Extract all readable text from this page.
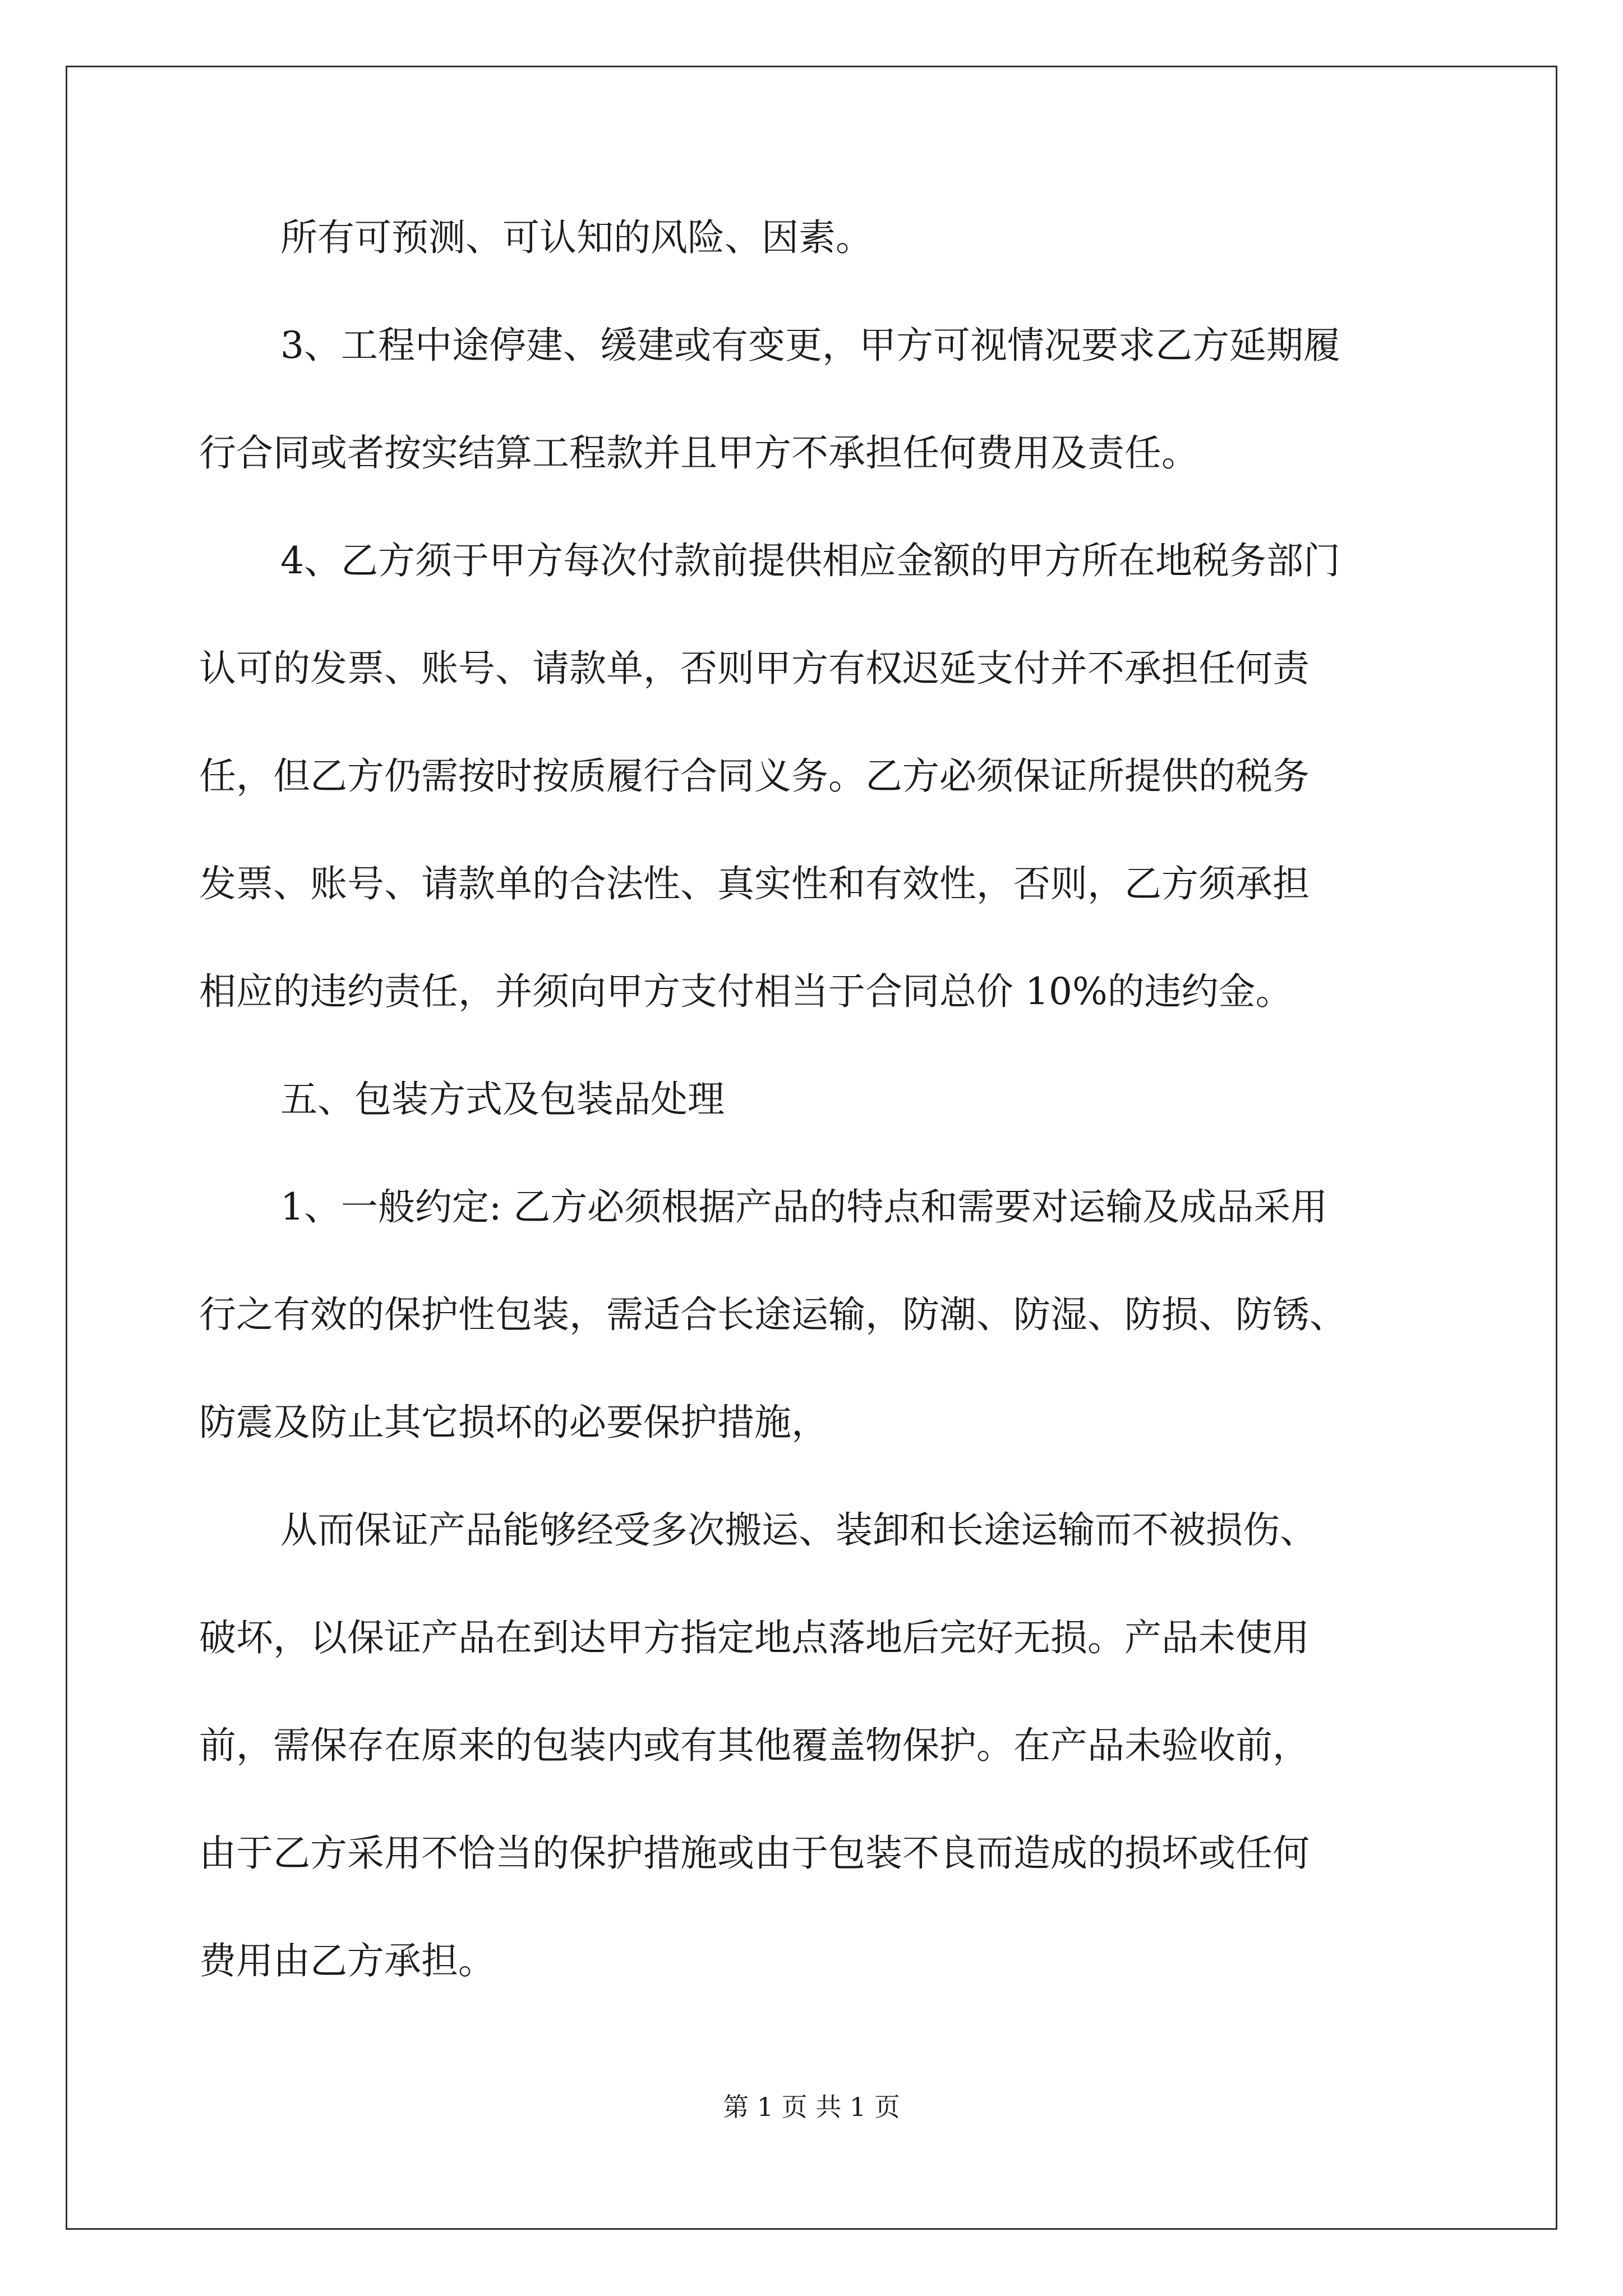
所有可预测、可认知的风险、因素。

3、工程中途停建、缓建或有变更，甲方可视情况要求乙方延期履

行合同或者按实结算工程款并且甲方不承担任何费用及责任。

4、乙方须于甲方每次付款前提供相应金额的甲方所在地税务部门

认可的发票、账号、请款单，否则甲方有权迟延支付并不承担任何责

任，但乙方仍需按时按质履行合同义务。乙方必须保证所提供的税务

发票、账号、请款单的合法性、真实性和有效性，否则，乙方须承担

相应的违约责任，并须向甲方支付相当于合同总价 10%的违约金。

五、包装方式及包装品处理

1、一般约定: 乙方必须根据产品的特点和需要对运输及成品采用

行之有效的保护性包装，需适合长途运输，防潮、防湿、防损、防锈、

防震及防止其它损坏的必要保护措施，

从而保证产品能够经受多次搬运、装卸和长途运输而不被损伤、

破坏，以保证产品在到达甲方指定地点落地后完好无损。产品未使用

前，需保存在原来的包装内或有其他覆盖物保护。在产品未验收前，

由于乙方采用不恰当的保护措施或由于包装不良而造成的损坏或任何

费用由乙方承担。

第 1 页 共 1 页
